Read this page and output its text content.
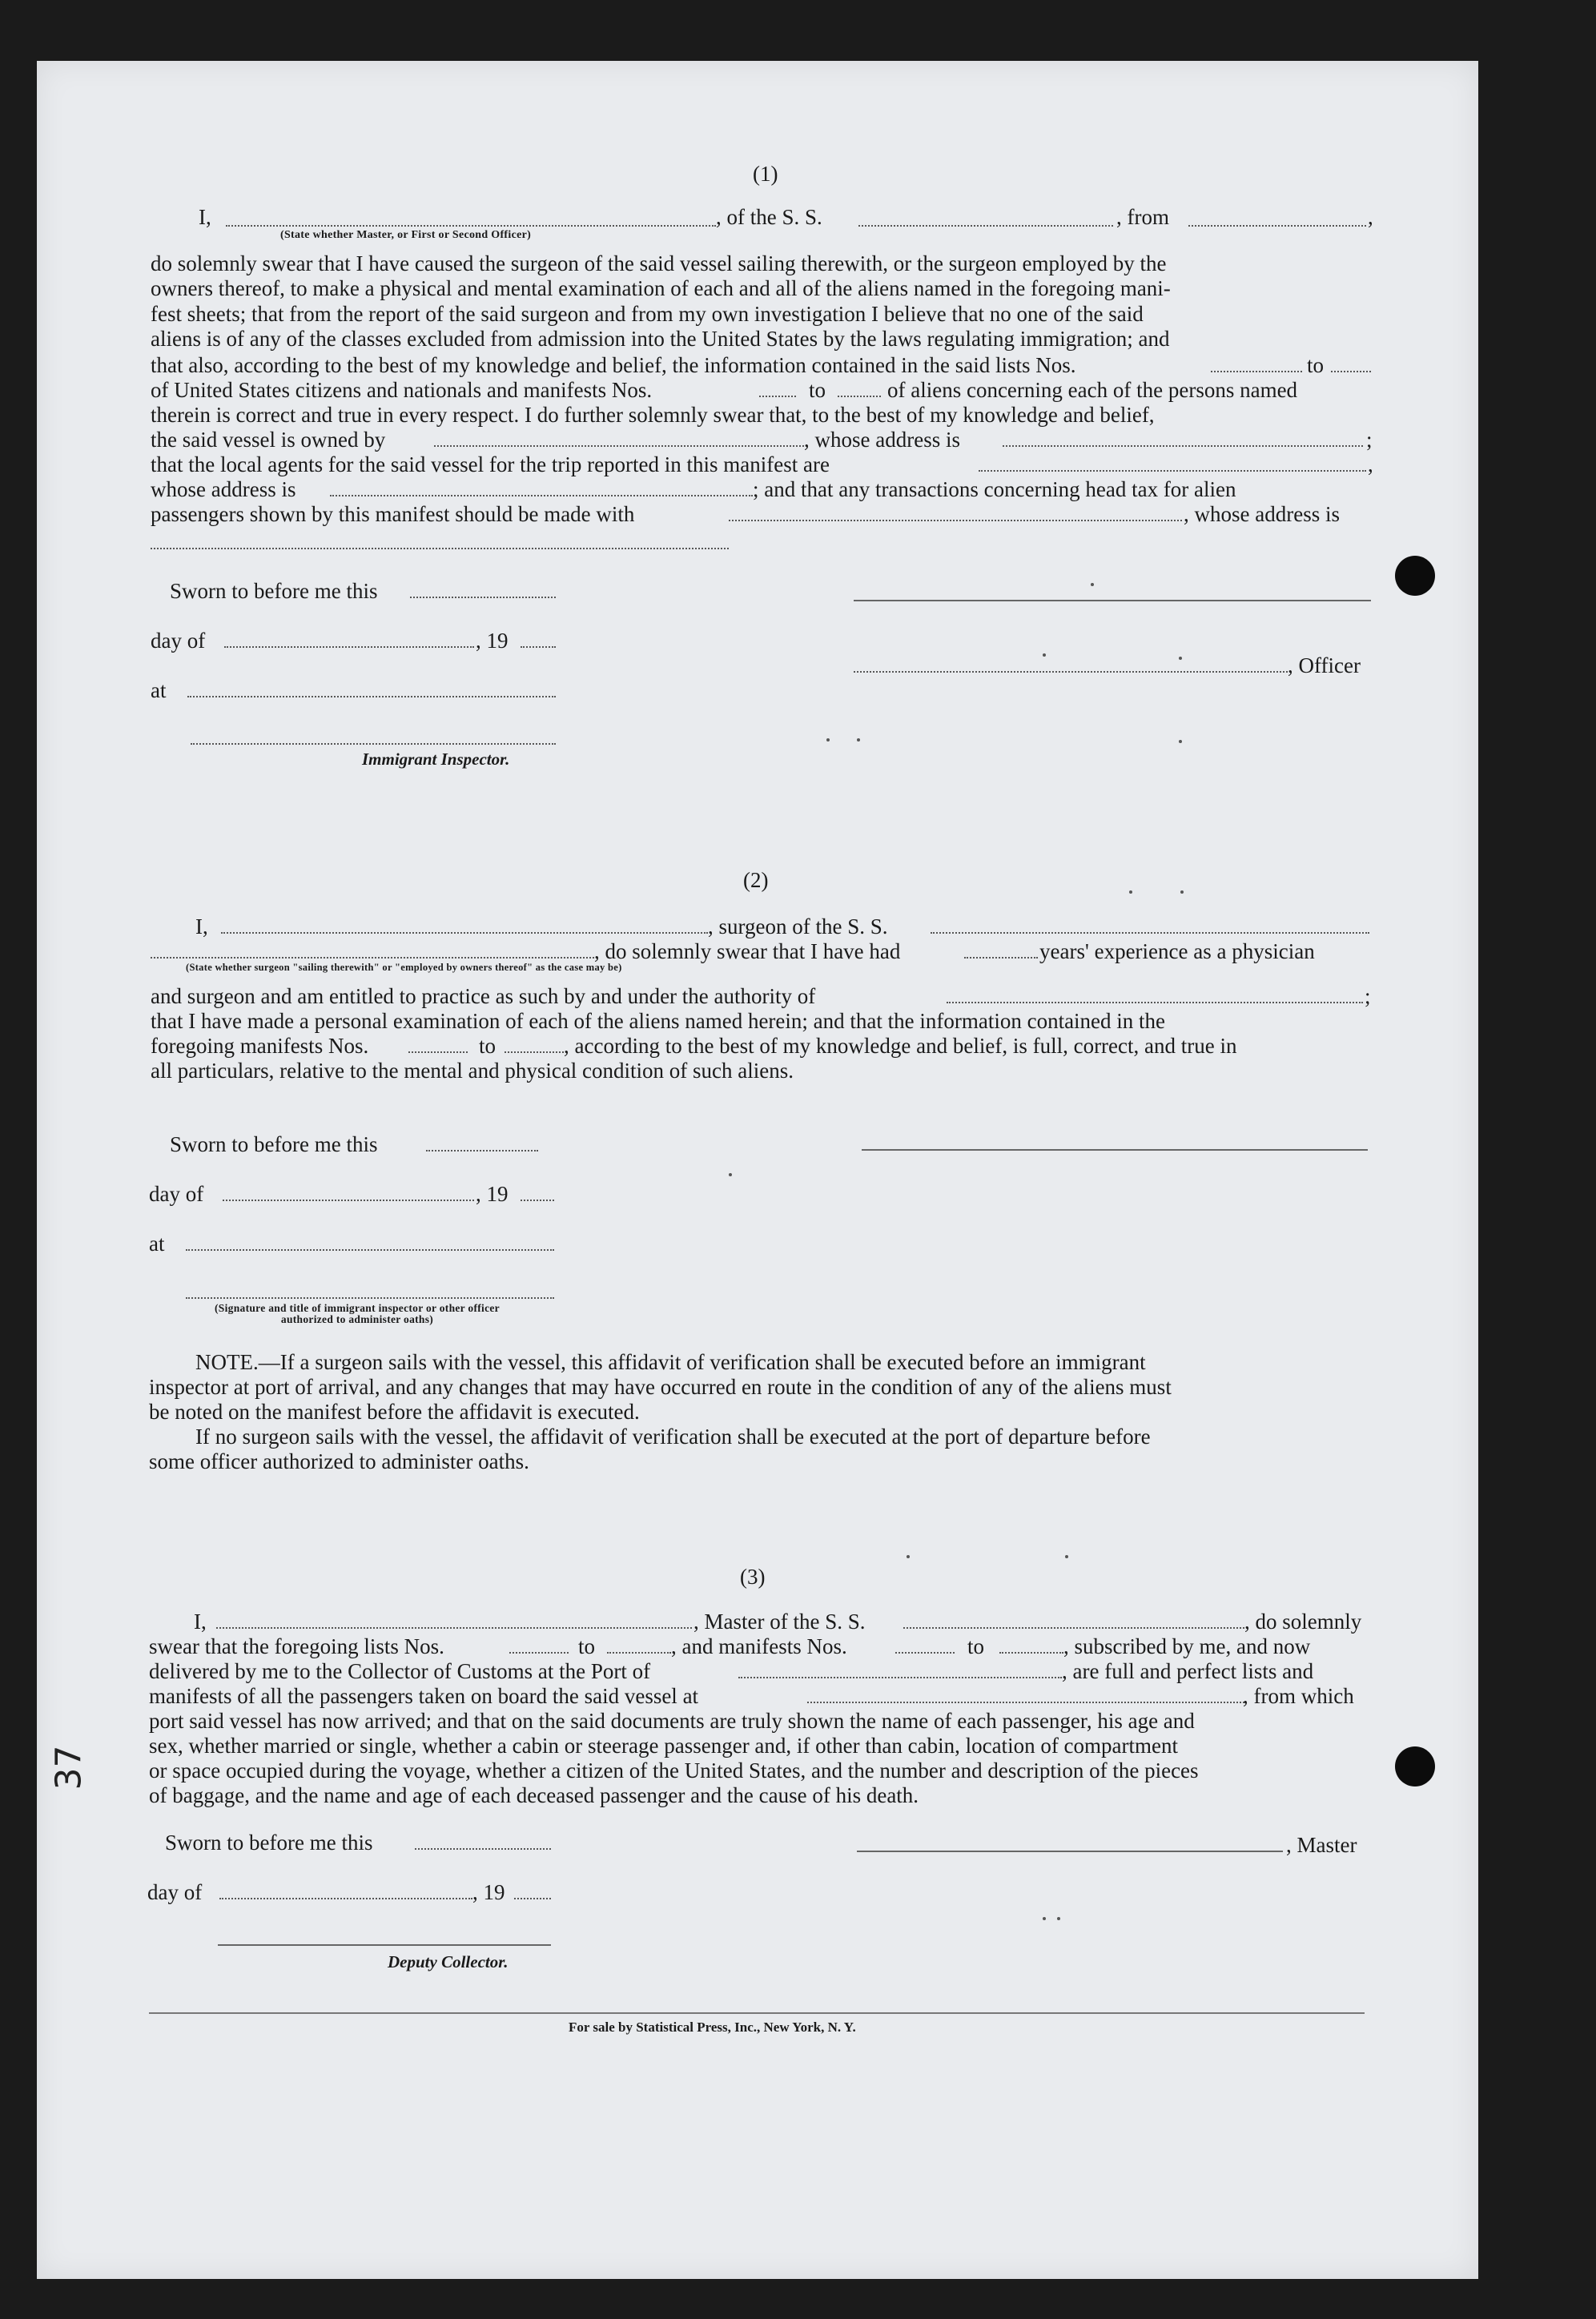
37
(1)
I,	, of the S. S.	, from	,
(State whether Master, or First or Second Officer)
do solemnly swear that I have caused the surgeon of the said vessel sailing therewith, or the surgeon employed by the
owners thereof, to make a physical and mental examination of each and all of the aliens named in the foregoing mani-
fest sheets; that from the report of the said surgeon and from my own investigation I believe that no one of the said
aliens is of any of the classes excluded from admission into the United States by the laws regulating immigration; and
that also, according to the best of my knowledge and belief, the information contained in the said lists Nos.	to
of United States citizens and nationals and manifests Nos.	to	of aliens concerning each of the persons named
therein is correct and true in every respect. I do further solemnly swear that, to the best of my knowledge and belief,
the said vessel is owned by	, whose address is	;
that the local agents for the said vessel for the trip reported in this manifest are	,
whose address is	; and that any transactions concerning head tax for alien
passengers shown by this manifest should be made with	, whose address is
Sworn to before me this
day of	, 19
, Officer
at
Immigrant Inspector.
(2)
I,	, surgeon of the S. S.
, do solemnly swear that I have had	years' experience as a physician
(State whether surgeon "sailing therewith" or "employed by owners thereof" as the case may be)
and surgeon and am entitled to practice as such by and under the authority of	;
that I have made a personal examination of each of the aliens named herein; and that the information contained in the
foregoing manifests Nos.	to	, according to the best of my knowledge and belief, is full, correct, and true in
all particulars, relative to the mental and physical condition of such aliens.
Sworn to before me this
day of	, 19
at
(Signature and title of immigrant inspector or other officer authorized to administer oaths)
NOTE.—If a surgeon sails with the vessel, this affidavit of verification shall be executed before an immigrant
inspector at port of arrival, and any changes that may have occurred en route in the condition of any of the aliens must
be noted on the manifest before the affidavit is executed.
If no surgeon sails with the vessel, the affidavit of verification shall be executed at the port of departure before
some officer authorized to administer oaths.
(3)
I,	, Master of the S. S.	, do solemnly
swear that the foregoing lists Nos.	to	, and manifests Nos.	to	, subscribed by me, and now
delivered by me to the Collector of Customs at the Port of	, are full and perfect lists and
manifests of all the passengers taken on board the said vessel at	, from which
port said vessel has now arrived; and that on the said documents are truly shown the name of each passenger, his age and
sex, whether married or single, whether a cabin or steerage passenger and, if other than cabin, location of compartment
or space occupied during the voyage, whether a citizen of the United States, and the number and description of the pieces
of baggage, and the name and age of each deceased passenger and the cause of his death.
Sworn to before me this	, Master
day of	, 19
Deputy Collector.
For sale by Statistical Press, Inc., New York, N. Y.
